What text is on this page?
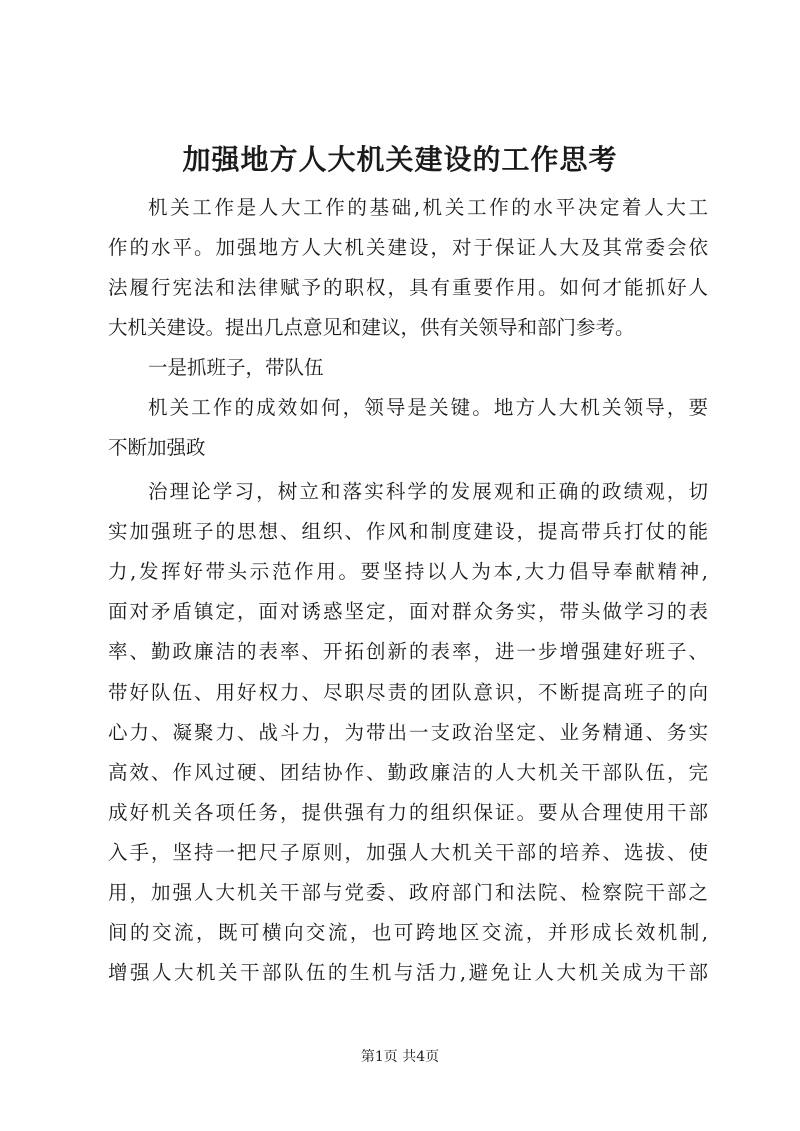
加强地方人大机关建设的工作思考

机关工作是人大工作的基础,机关工作的水平决定着人大工

作的水平。加强地方人大机关建设，对于保证人大及其常委会依

法履行宪法和法律赋予的职权，具有重要作用。如何才能抓好人

大机关建设。提出几点意见和建议，供有关领导和部门参考。

一是抓班子，带队伍

机关工作的成效如何，领导是关键。地方人大机关领导，要

不断加强政

治理论学习，树立和落实科学的发展观和正确的政绩观，切

实加强班子的思想、组织、作风和制度建设，提高带兵打仗的能

力,发挥好带头示范作用。要坚持以人为本,大力倡导奉献精神,

面对矛盾镇定，面对诱惑坚定，面对群众务实，带头做学习的表

率、勤政廉洁的表率、开拓创新的表率，进一步增强建好班子、

带好队伍、用好权力、尽职尽责的团队意识，不断提高班子的向

心力、凝聚力、战斗力，为带出一支政治坚定、业务精通、务实

高效、作风过硬、团结协作、勤政廉洁的人大机关干部队伍，完

成好机关各项任务，提供强有力的组织保证。要从合理使用干部

入手，坚持一把尺子原则，加强人大机关干部的培养、选拔、使

用，加强人大机关干部与党委、政府部门和法院、检察院干部之

间的交流，既可横向交流，也可跨地区交流，并形成长效机制,

增强人大机关干部队伍的生机与活力,避免让人大机关成为干部

第1页 共4页
